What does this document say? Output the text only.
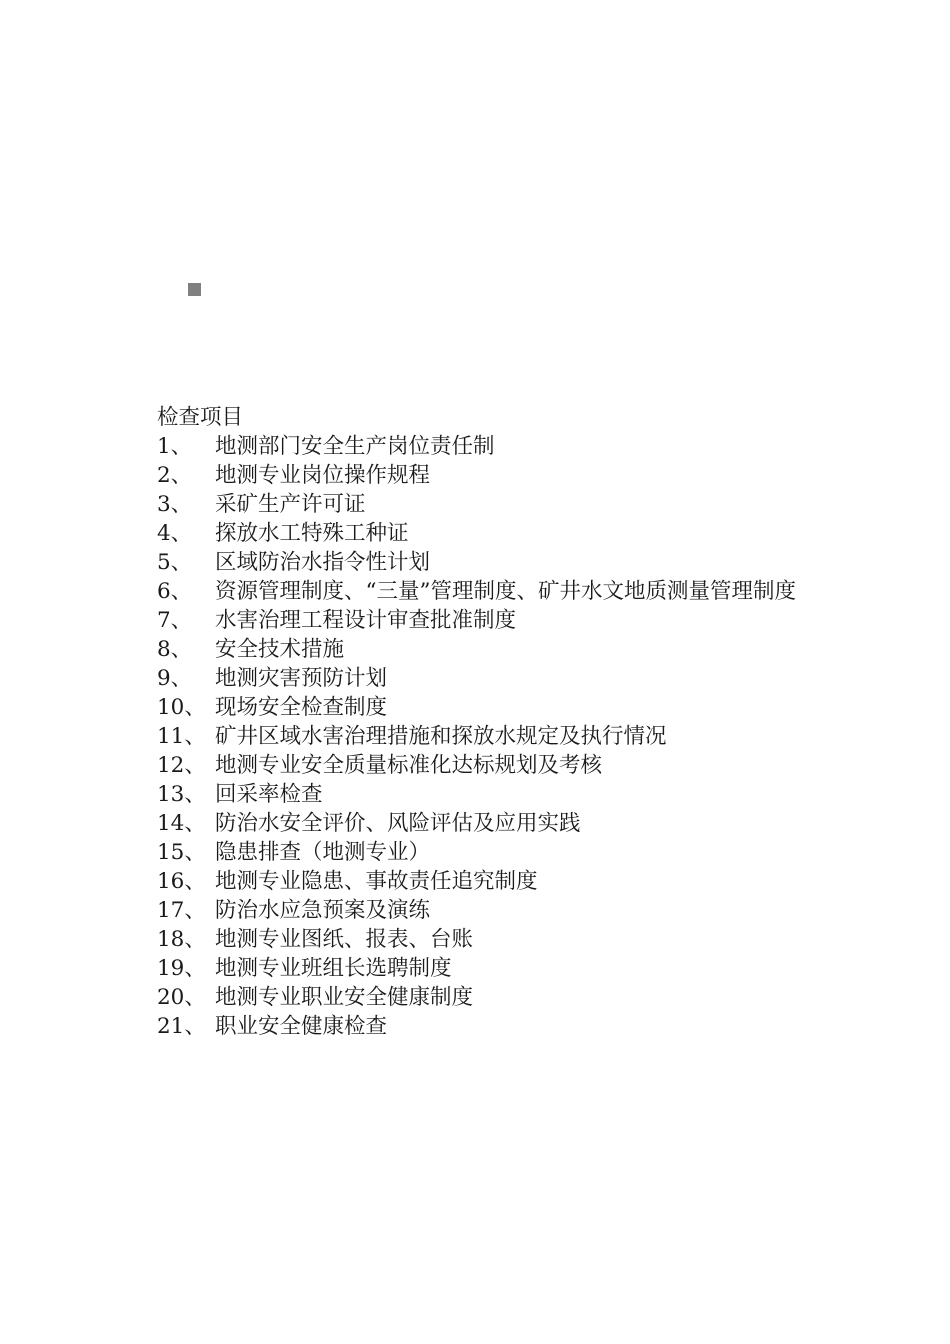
检查项目
1、	地测部门安全生产岗位责任制
2、	地测专业岗位操作规程
3、	采矿生产许可证
4、	探放水工特殊工种证
5、	区域防治水指令性计划
6、	资源管理制度、“三量”管理制度、矿井水文地质测量管理制度
7、	水害治理工程设计审查批准制度
8、	安全技术措施
9、	地测灾害预防计划
10、 现场安全检查制度
11、 矿井区域水害治理措施和探放水规定及执行情况
12、 地测专业安全质量标准化达标规划及考核
13、 回采率检查
14、 防治水安全评价、风险评估及应用实践
15、 隐患排查（地测专业）
16、 地测专业隐患、事故责任追究制度
17、 防治水应急预案及演练
18、 地测专业图纸、报表、台账
19、 地测专业班组长选聘制度
20、 地测专业职业安全健康制度
21、 职业安全健康检查
